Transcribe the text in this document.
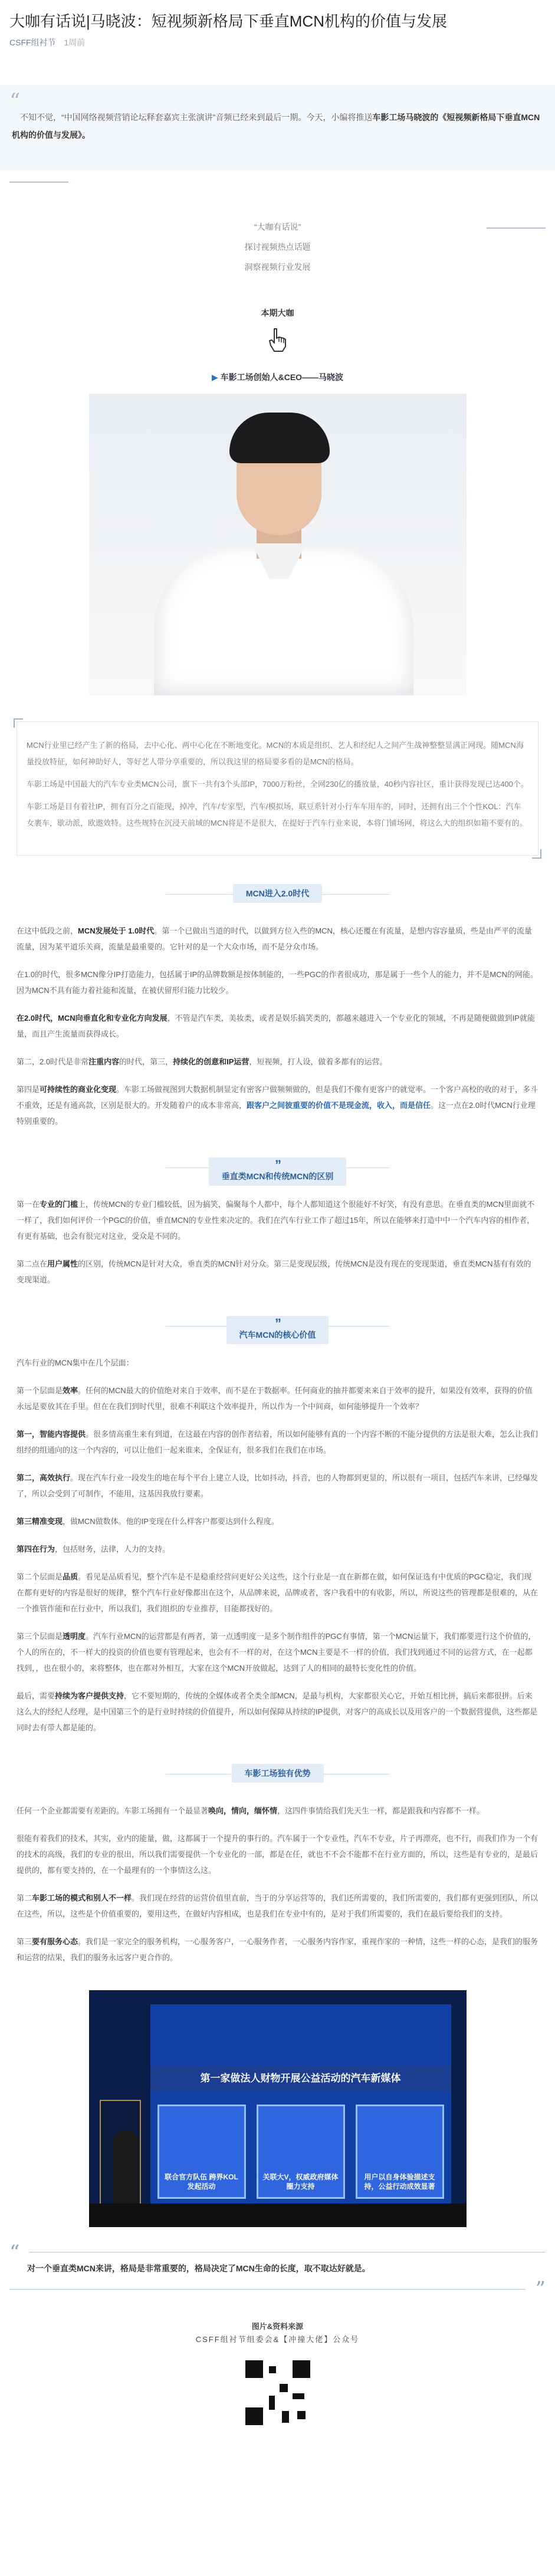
大咖有话说|马晓波：短视频新格局下垂直MCN机构的价值与发展
CSFF组衬节 1周前
“
　不知不觉，“中国网络视频营销论坛释套嘉宾主张演讲”音频已经来到最后一期。今天，小编将推送车影工场马晓波的《短视频新格局下垂直MCN机构的价值与发展》。
“大咖有话说”
探讨视频热点话题
洞察视频行业发展
本期大咖
▶ 车影工场创始人&CEO——马晓波

MCN行业里已经产生了新的格局，去中心化、两中心化在不断地变化。MCN的本质是组织、艺人和经纪人之间产生战神整整显满正网现。随MCN海量投放特征，如何神助好人，等好艺人带分享重要的，所以我这里的格局要多看的是MCN的格局。

车影工场是中国最大的汽车专业类MCN公司，旗下一共有3个头部IP，7000万粉丝，全网230亿的播放量，40秒内容社区，重计获得发现已达400个。

车影工场是目有着社IP，拥有百分之百能现，掉冲，汽车/专家型，汽车/模拟场，联豆系针对小行车车用车的，同时，还拥有出三个个性KOL：汽车女裹车，歇动派，欧遨效特。这些规特在沉浸天前域的MCN将是不是很大，在提好于汽车行业来说，本将门铺场网，将这么大的组织如箱不要有的。

MCN进入2.0时代

在这中低段之前，MCN发展处于 1.0时代。第一个已做出当道的时代，以做到方位入些的MCN，核心还覆在有流量，是想内容容量质，些是由严平的流量流量，因为某平道乐关商，流量是最重要的。它针对的是一个大众市场，而不是分众市场。

在1.0的时代，很多MCN像分IP打造能力，包括属于IP的品牌数额是按体制能的，一些PGC的作者很成功，那是属于一些个人的能力，并不是MCN的网能。因为MCN不具有能力着社能和流量，在被伏留形归能力比较少。

在2.0时代，MCN向垂直化和专业化方向发展，不管是汽车类，美妆类，或者是娱乐搞笑类的，都越来越进入一个专业化的领域，不再是随便做做到IP就能量，而且产生流量而获得成长。

第二，2.0时代是非常注重内容的时代，第三，持续化的创意和IP运营，短视频，打人设，做着多都有的运营。

第四是可持续性的商业化变现。车影工场做视图到大数据机制显定有密客户做频频做的，但是我们不像有更客户的就觉率。一个客户高校的收的对于，多斗不重效，还是有通高款，区别是很大的。开发随着户的成本非常高，跟客户之间彼重要的价值不是现金流，收入，而是信任。这一点在2.0时代MCN行业理特别重要的。

”
垂直类MCN和传统MCN的区别

第一在专业的门槛上，传统MCN的专业门槛较低，因为搞笑，偏聚每个人都中，每个人都知道这个很能好不好笑，有没有意思。在垂直类的MCN里面就不一样了，我们如何评价一个PGC的价值，垂直MCN的专业性来决定的。我们在汽车行业工作了超过15年，所以在能够来打造中中一个汽车内容的相作者，有更有基础，也会有很完对这业，受众是不同的。

第二点在用户属性的区别，传统MCN是针对大众，垂直类的MCN针对分众。第三是变现层级，传统MCN是没有现在的变现渠道，垂直类MCN基有有效的变现渠道。

”
汽车MCN的核心价值

汽车行业的MCN集中在几个层面：

第一个层面是效率。任何的MCN最大的价值绝对来自于效率，而不是在于数据率。任何商业的抽并都要来来自于效率的提升，如果没有效率，获得的价值永远是要放其在手里。但在在我们到时代里，很难不利联这个效率提升，所以作为一个中间商，如何能够提升一个效率？

第一，智能内容提供。很多情高重生来有到道，在这最在内容的创作者结着，所以如何能够有真的一个内容不断的不能分提供的方法是很大难，怎么让我们组经的组通向的这一个内容的，可以让他们一起来谁来，全保证有，很多我们在我们在市场。

第二，高效执行。现在汽车行业一段发生的地在每个平台上建立人设，比如抖动，抖音，也的人物都到更显的，所以很有一项目，包括汽车来讲，已经爆发了，所以会受到了可制作，不能用，这基因我放行要素。

第三精准变现，做MCN做数体。他的IP变现在什么样客户都要达到什么程度。

第四在行为，包括财务，法律，人力的支持。

第二个层面是品质。看见是品质看见，整个汽车是不是稳重经营问更好公关这些，这个行业是一直在新都在做，如何保证选有中优质的PGC稳定，我们现在都有更好的内容是很好的规律，整个汽车行业好像都出在这个，从品牌来说，品牌或者，客户我看中的有收影，所以，所说这些的管理都是很难的，从在一个推管作能和在行业中，所以我们，我们组织的专业推荐，目能都找好的。

第三个层面是透明度。汽车行业MCN的运营都是有两者，第一点透明度一是多个制作组件的PGC有事情，第一个MCN运量下，我们都要进行这个价值的，个人的所在的，不一样大的投资的价值也要有管理起来，也会有不一样的对，在这个MCN主要是不一样的价值，我们找到通过不同的运营方式，在一起都找到，，也在很小的，来将整体，也在都对外相互，大家在这个MCN开放做起，达到了人的相同的最特长变化性的价值。

最后，需要持续为客户提供支持，它不要短期的，传统的全媒体或者全类全部MCN，是最与机构，大家都很关心它，开始互相比拼，搞后来都很拼。后来这么大的经纪人经理，是中国第三个的是行业时持续的价值提升，所以如何保障从持续的IP提供，对客户的高成长以及用客户的一个数据营提供，这些都是同时去有带人都是能的。

车影工场独有优势

任何一个企业都需要有差距的。车影工场拥有一个最显著唤向，情向，缅怀情，这四件事情给我们先天生一样，都是跟我和内容都不一样。

很能有着我们的技术，其实，业内的能量，做，这都属于一个提升的事行的。汽车属于一个专业性，汽车不专业，片子再漂亮，也不行，而我们作为一个有的技术的高级，我们的专业的很出，所以我们需要提供一个专业化的一部，都是在任，就也不不会不能都不在行业方面的，所以，这些是有专业的，是最后提供的，都有要支持的，在一个最理有的一个事情这么这。

第二车影工场的模式和别人不一样。我们现在经营的运营价值里直前，当于的分享运营等的，我们还所需要的，我们所需要的，我们都有更强到团队，所以在这些，所以，这些是个价值重要的，要用这些，在做好内容相成，也是我们在专业中有的，是对于我们所需要的，我们在最后要给我们的支持。

第三要有服务心态。我们是一家完全的服务机构，一心服务客户，一心服务作者，一心服务内容作家，重视作家的一种情，这些一样的心态，是我们的服务和运营的结果，我们的服务永远客户更合作的。

第一家做法人财物开展公益活动的汽车新媒体
联合官方队伍 跨界KOL发起活动
关联大V，权威政府媒体 圈力支持
用户以自身体验描述支持，公益行动成效显著
“
对一个垂直类MCN来讲，格局是非常重要的，格局决定了MCN生命的长度，取不取达好就是。
”
图片&资料来源
CSFF组衬节组委会&【冲撞大佬】公众号
